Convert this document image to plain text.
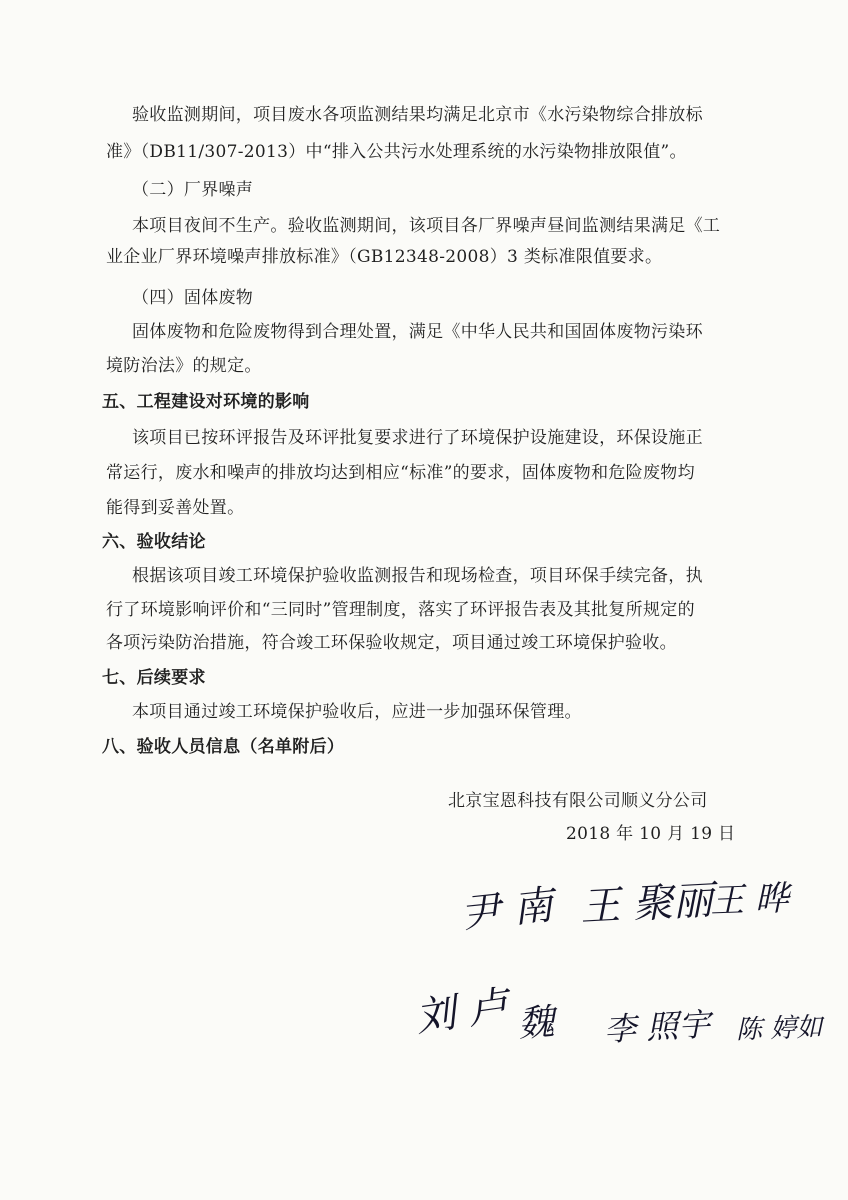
验收监测期间，项目废水各项监测结果均满足北京市《水污染物综合排放标
准》（DB11/307-2013）中“排入公共污水处理系统的水污染物排放限值”。
（二）厂界噪声
本项目夜间不生产。验收监测期间，该项目各厂界噪声昼间监测结果满足《工
业企业厂界环境噪声排放标准》（GB12348-2008）3 类标准限值要求。
（四）固体废物
固体废物和危险废物得到合理处置，满足《中华人民共和国固体废物污染环
境防治法》的规定。
五、工程建设对环境的影响
该项目已按环评报告及环评批复要求进行了环境保护设施建设，环保设施正
常运行，废水和噪声的排放均达到相应“标准”的要求，固体废物和危险废物均
能得到妥善处置。
六、验收结论
根据该项目竣工环境保护验收监测报告和现场检查，项目环保手续完备，执
行了环境影响评价和“三同时”管理制度，落实了环评报告表及其批复所规定的
各项污染防治措施，符合竣工环保验收规定，项目通过竣工环境保护验收。
七、后续要求
本项目通过竣工环境保护验收后，应进一步加强环保管理。
八、验收人员信息（名单附后）
北京宝恩科技有限公司顺义分公司
2018 年 10 月 19 日
尹 南 王 聚丽
王 晔
刘 卢 魏 李 照宇 陈 婷如
